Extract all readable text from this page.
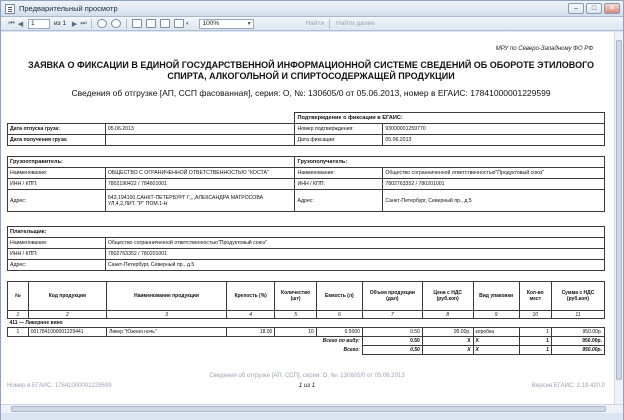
Предварительный просмотр	–	□	✕
⏮ ◀	1	из 1 ▶ ⏭	▾	100%	▼	Найти Найти далее
МРУ по Северо-Западному ФО РФ
ЗАЯВКА О ФИКСАЦИИ В ЕДИНОЙ ГОСУДАРСТВЕННОЙ ИНФОРМАЦИОННОЙ СИСТЕМЕ СВЕДЕНИЙ ОБ ОБОРОТЕ ЭТИЛОВОГО СПИРТА, АЛКОГОЛЬНОЙ И СПИРТОСОДЕРЖАЩЕЙ ПРОДУКЦИИ
Сведения об отгрузке [АП, ССП фасованная], серия: О, №: 130605/0 от 05.06.2013, номер в ЕГАИС: 17841000001229599
		Подтверждение о фиксации в ЕГАИС:	
Дата отпуска груза:	05.06.2013	Номер подтверждения:	93000001259770
Дата получения груза:		Дата фиксации:	05.06.2013
Грузоотправитель:		Грузополучатель:	
Наименование:	ОБЩЕСТВО С ОГРАНИЧЕННОЙ ОТВЕТСТВЕННОСТЬЮ "КОСТА"	Наименование:	Общество согранниченной ответственностью"Продуктовый союз"
ИНН / КПП:	7802190422 / 784601001	ИНН / КПП:	7802763352 / 780201001
Адрес:	643,194100,САНКТ-ПЕТЕРБУРГ Г,,,,АЛЕКСАНДРА МАТРОСОВА
УЛ,4,2,ЛИТ. "Р" ПОМ.1-Н	Адрес:	Санкт-Петербург, Северный пр., д.5
Плательщик:	
Наименование:	Общество согранниченной ответственностью"Продуктовый союз"
ИНН / КПП:	7802763352 / 780201001
Адрес:	Санкт-Петербург, Северный пр., д.5
№	Код продукции	Наименование продукции	Крепость (%)	Количество (шт)	Емкость (л)	Объем продукции (дал)	Цена с НДС (руб.коп)	Вид упаковки	Кол-во мест	Сумма с НДС (руб.коп)
1	2	3	4	5	6	7	8	9	10	11
411 — Ликерное вино										
1	0017841000001229441	Ликер "Южная ночь"	18.00	10	0.5000	0.50	95.00р.	коробка	1	950.00р.
Всего по виду:						0.50	X	X	1	950.00р.
Всего:						0.50	X	X	1	950.00р.
Сведения об отгрузке [АП, ССП], серия: О, №: 130605/0 от 05.06.2013
Номер в ЕГАИС: 17841000001229599	1 из 1	Версия ЕГАИС: 2.19.420.0
